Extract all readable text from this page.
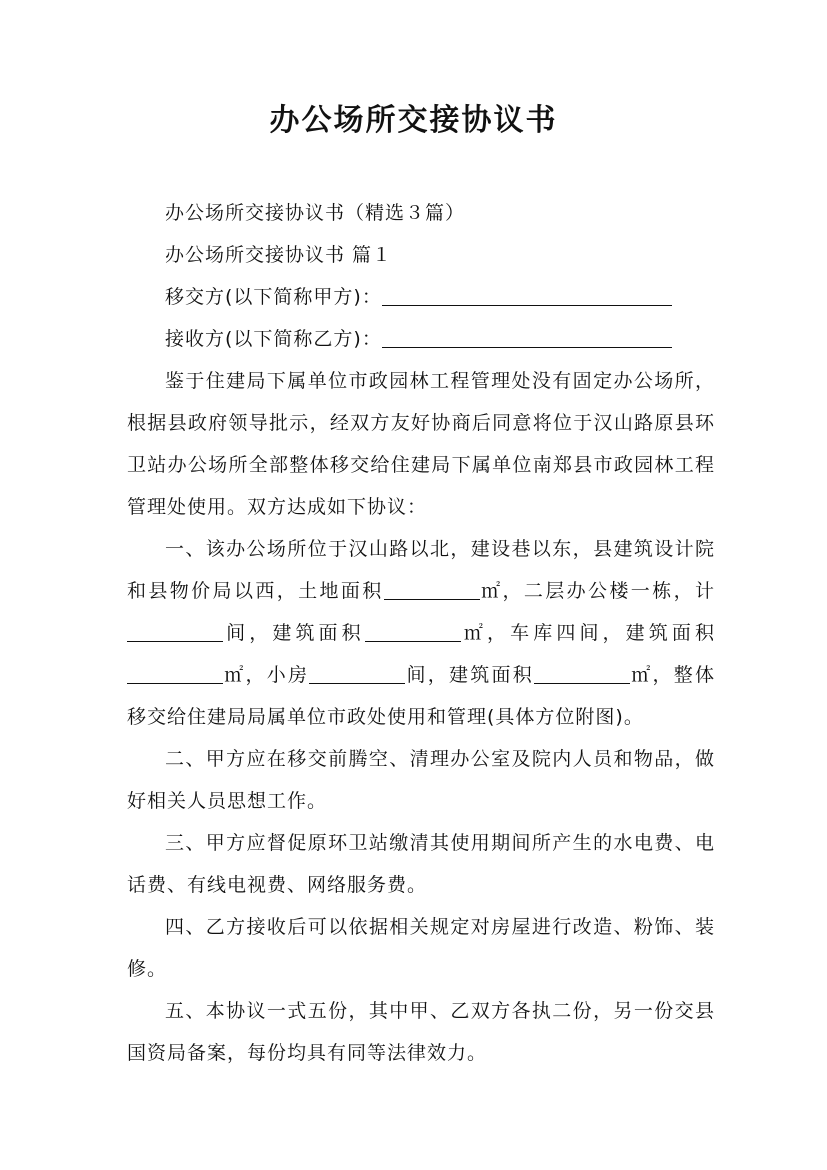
办公场所交接协议书

办公场所交接协议书（精选３篇）

办公场所交接协议书 篇１

移交方(以下简称甲方)：

接收方(以下简称乙方)：

鉴于住建局下属单位市政园林工程管理处没有固定办公场所，根据县政府领导批示，经双方友好协商后同意将位于汉山路原县环卫站办公场所全部整体移交给住建局下属单位南郑县市政园林工程管理处使用。双方达成如下协议：

一、该办公场所位于汉山路以北，建设巷以东，县建筑设计院和县物价局以西，土地面积	㎡，二层办公楼一栋，计间，建筑面积	㎡，车库四间，建筑面积㎡，小房	间，建筑面积	㎡，整体移交给住建局局属单位市政处使用和管理(具体方位附图)。

二、甲方应在移交前腾空、清理办公室及院内人员和物品，做好相关人员思想工作。

三、甲方应督促原环卫站缴清其使用期间所产生的水电费、电话费、有线电视费、网络服务费。

四、乙方接收后可以依据相关规定对房屋进行改造、粉饰、装修。

五、本协议一式五份，其中甲、乙双方各执二份，另一份交县国资局备案，每份均具有同等法律效力。
